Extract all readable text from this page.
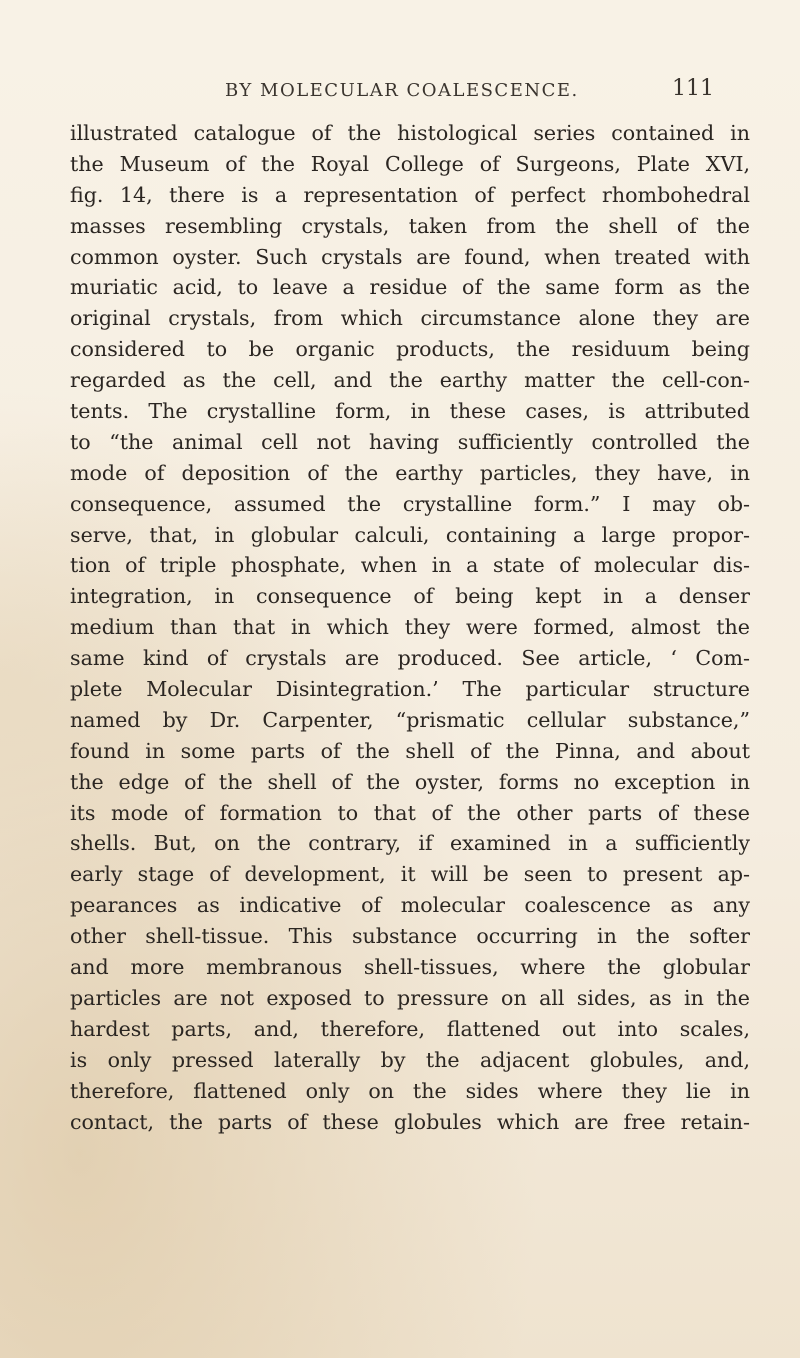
BY MOLECULAR COALESCENCE.	111
illustrated catalogue of the histological series contained in
the Museum of the Royal College of Surgeons, Plate XVI,
fig. 14, there is a representation of perfect rhombohedral
masses resembling crystals, taken from the shell of the
common oyster. Such crystals are found, when treated with
muriatic acid, to leave a residue of the same form as the
original crystals, from which circumstance alone they are
considered to be organic products, the residuum being
regarded as the cell, and the earthy matter the cell-con-
tents. The crystalline form, in these cases, is attributed
to “the animal cell not having sufficiently controlled the
mode of deposition of the earthy particles, they have, in
consequence, assumed the crystalline form.” I may ob-
serve, that, in globular calculi, containing a large propor-
tion of triple phosphate, when in a state of molecular dis-
integration, in consequence of being kept in a denser
medium than that in which they were formed, almost the
same kind of crystals are produced. See article, ‘ Com-
plete Molecular Disintegration.’ The particular structure
named by Dr. Carpenter, “prismatic cellular substance,”
found in some parts of the shell of the Pinna, and about
the edge of the shell of the oyster, forms no exception in
its mode of formation to that of the other parts of these
shells. But, on the contrary, if examined in a sufficiently
early stage of development, it will be seen to present ap-
pearances as indicative of molecular coalescence as any
other shell-tissue. This substance occurring in the softer
and more membranous shell-tissues, where the globular
particles are not exposed to pressure on all sides, as in the
hardest parts, and, therefore, flattened out into scales,
is only pressed laterally by the adjacent globules, and,
therefore, flattened only on the sides where they lie in
contact, the parts of these globules which are free retain-
